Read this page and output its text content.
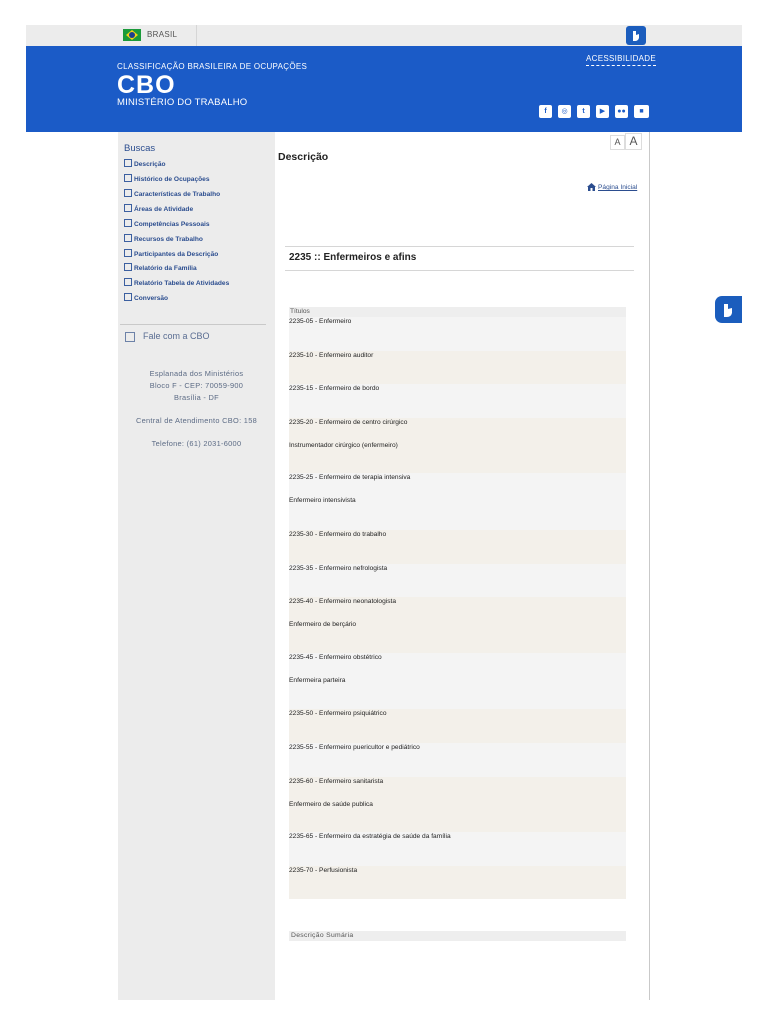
BRASIL
CLASSIFICAÇÃO BRASILEIRA DE OCUPAÇÕES
CBO
MINISTÉRIO DO TRABALHO
ACESSIBILIDADE
f	◎	t	▶	●●	■
Buscas
Descrição
Histórico de Ocupações
Características de Trabalho
Áreas de Atividade
Competências Pessoais
Recursos de Trabalho
Participantes da Descrição
Relatório da Família
Relatório Tabela de Atividades
Conversão
Fale com a CBO
Esplanada dos Ministérios
Bloco F - CEP: 70059-900
Brasília - DF
Central de Atendimento CBO: 158
Telefone: (61) 2031-6000
A A
Descrição
Página Inicial
2235 :: Enfermeiros e afins
Títulos
2235-05 - Enfermeiro
2235-10 - Enfermeiro auditor
2235-15 - Enfermeiro de bordo
2235-20 - Enfermeiro de centro cirúrgico
Instrumentador cirúrgico (enfermeiro)
2235-25 - Enfermeiro de terapia intensiva
Enfermeiro intensivista
2235-30 - Enfermeiro do trabalho
2235-35 - Enfermeiro nefrologista
2235-40 - Enfermeiro neonatologista
Enfermeiro de berçário
2235-45 - Enfermeiro obstétrico
Enfermeira parteira
2235-50 - Enfermeiro psiquiátrico
2235-55 - Enfermeiro puericultor e pediátrico
2235-60 - Enfermeiro sanitarista
Enfermeiro de saúde publica
2235-65 - Enfermeiro da estratégia de saúde da família
2235-70 - Perfusionista
Descrição Sumária
